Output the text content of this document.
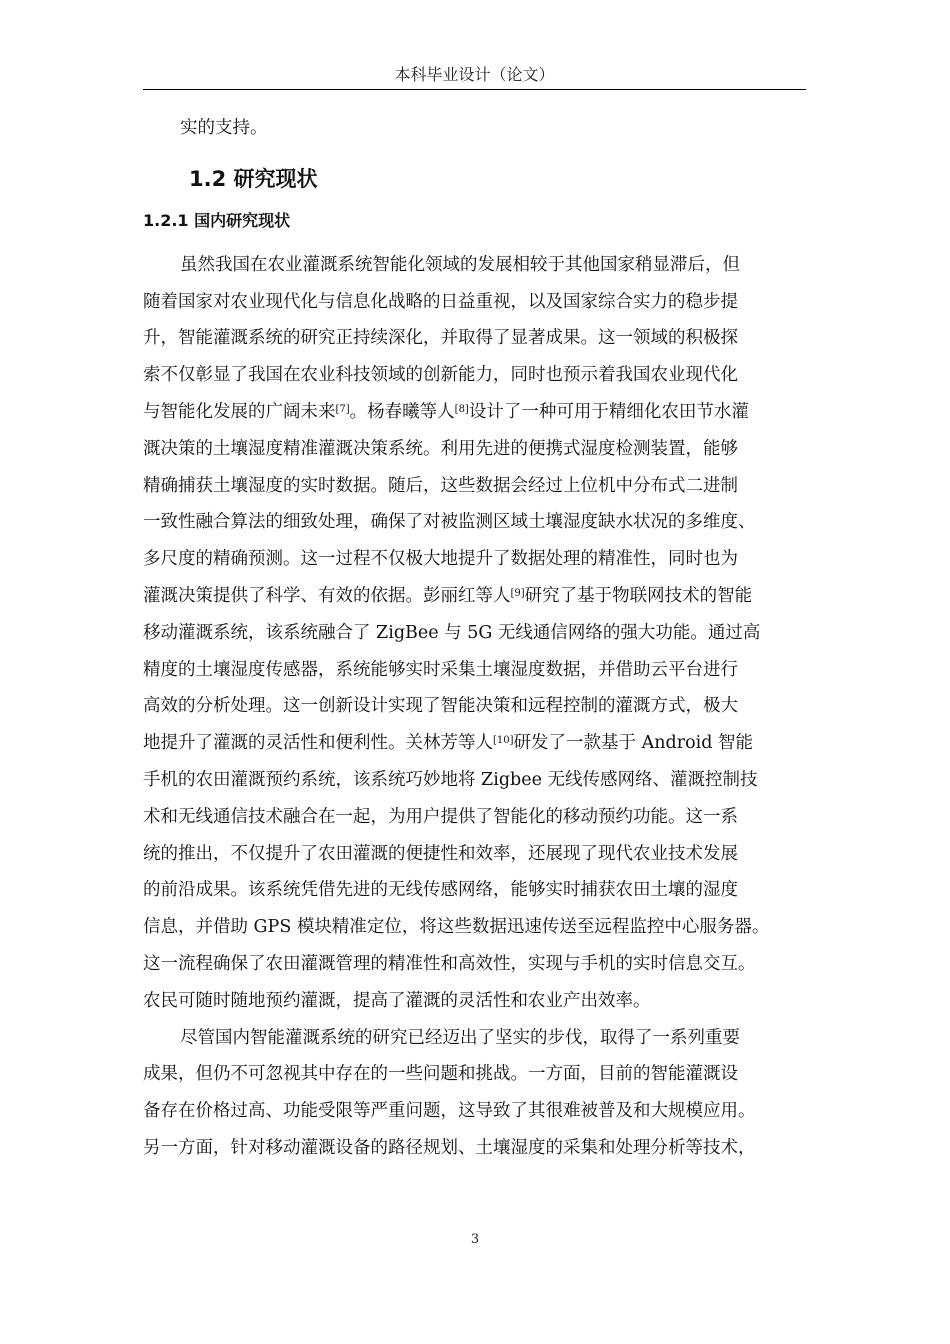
本科毕业设计（论文）
实的支持。
1.2 研究现状
1.2.1 国内研究现状
虽然我国在农业灌溉系统智能化领域的发展相较于其他国家稍显滞后，但
随着国家对农业现代化与信息化战略的日益重视，以及国家综合实力的稳步提
升，智能灌溉系统的研究正持续深化，并取得了显著成果。这一领域的积极探
索不仅彰显了我国在农业科技领域的创新能力，同时也预示着我国农业现代化
与智能化发展的广阔未来[7]。杨春曦等人[8]设计了一种可用于精细化农田节水灌
溉决策的土壤湿度精准灌溉决策系统。利用先进的便携式湿度检测装置，能够
精确捕获土壤湿度的实时数据。随后，这些数据会经过上位机中分布式二进制
一致性融合算法的细致处理，确保了对被监测区域土壤湿度缺水状况的多维度、
多尺度的精确预测。这一过程不仅极大地提升了数据处理的精准性，同时也为
灌溉决策提供了科学、有效的依据。彭丽红等人[9]研究了基于物联网技术的智能
移动灌溉系统，该系统融合了 ZigBee 与 5G 无线通信网络的强大功能。通过高
精度的土壤湿度传感器，系统能够实时采集土壤湿度数据，并借助云平台进行
高效的分析处理。这一创新设计实现了智能决策和远程控制的灌溉方式，极大
地提升了灌溉的灵活性和便利性。关林芳等人[10]研发了一款基于 Android 智能
手机的农田灌溉预约系统，该系统巧妙地将 Zigbee 无线传感网络、灌溉控制技
术和无线通信技术融合在一起，为用户提供了智能化的移动预约功能。这一系
统的推出，不仅提升了农田灌溉的便捷性和效率，还展现了现代农业技术发展
的前沿成果。该系统凭借先进的无线传感网络，能够实时捕获农田土壤的湿度
信息，并借助 GPS 模块精准定位，将这些数据迅速传送至远程监控中心服务器。
这一流程确保了农田灌溉管理的精准性和高效性，实现与手机的实时信息交互。
农民可随时随地预约灌溉，提高了灌溉的灵活性和农业产出效率。
尽管国内智能灌溉系统的研究已经迈出了坚实的步伐，取得了一系列重要
成果，但仍不可忽视其中存在的一些问题和挑战。一方面，目前的智能灌溉设
备存在价格过高、功能受限等严重问题，这导致了其很难被普及和大规模应用。
另一方面，针对移动灌溉设备的路径规划、土壤湿度的采集和处理分析等技术，
3
